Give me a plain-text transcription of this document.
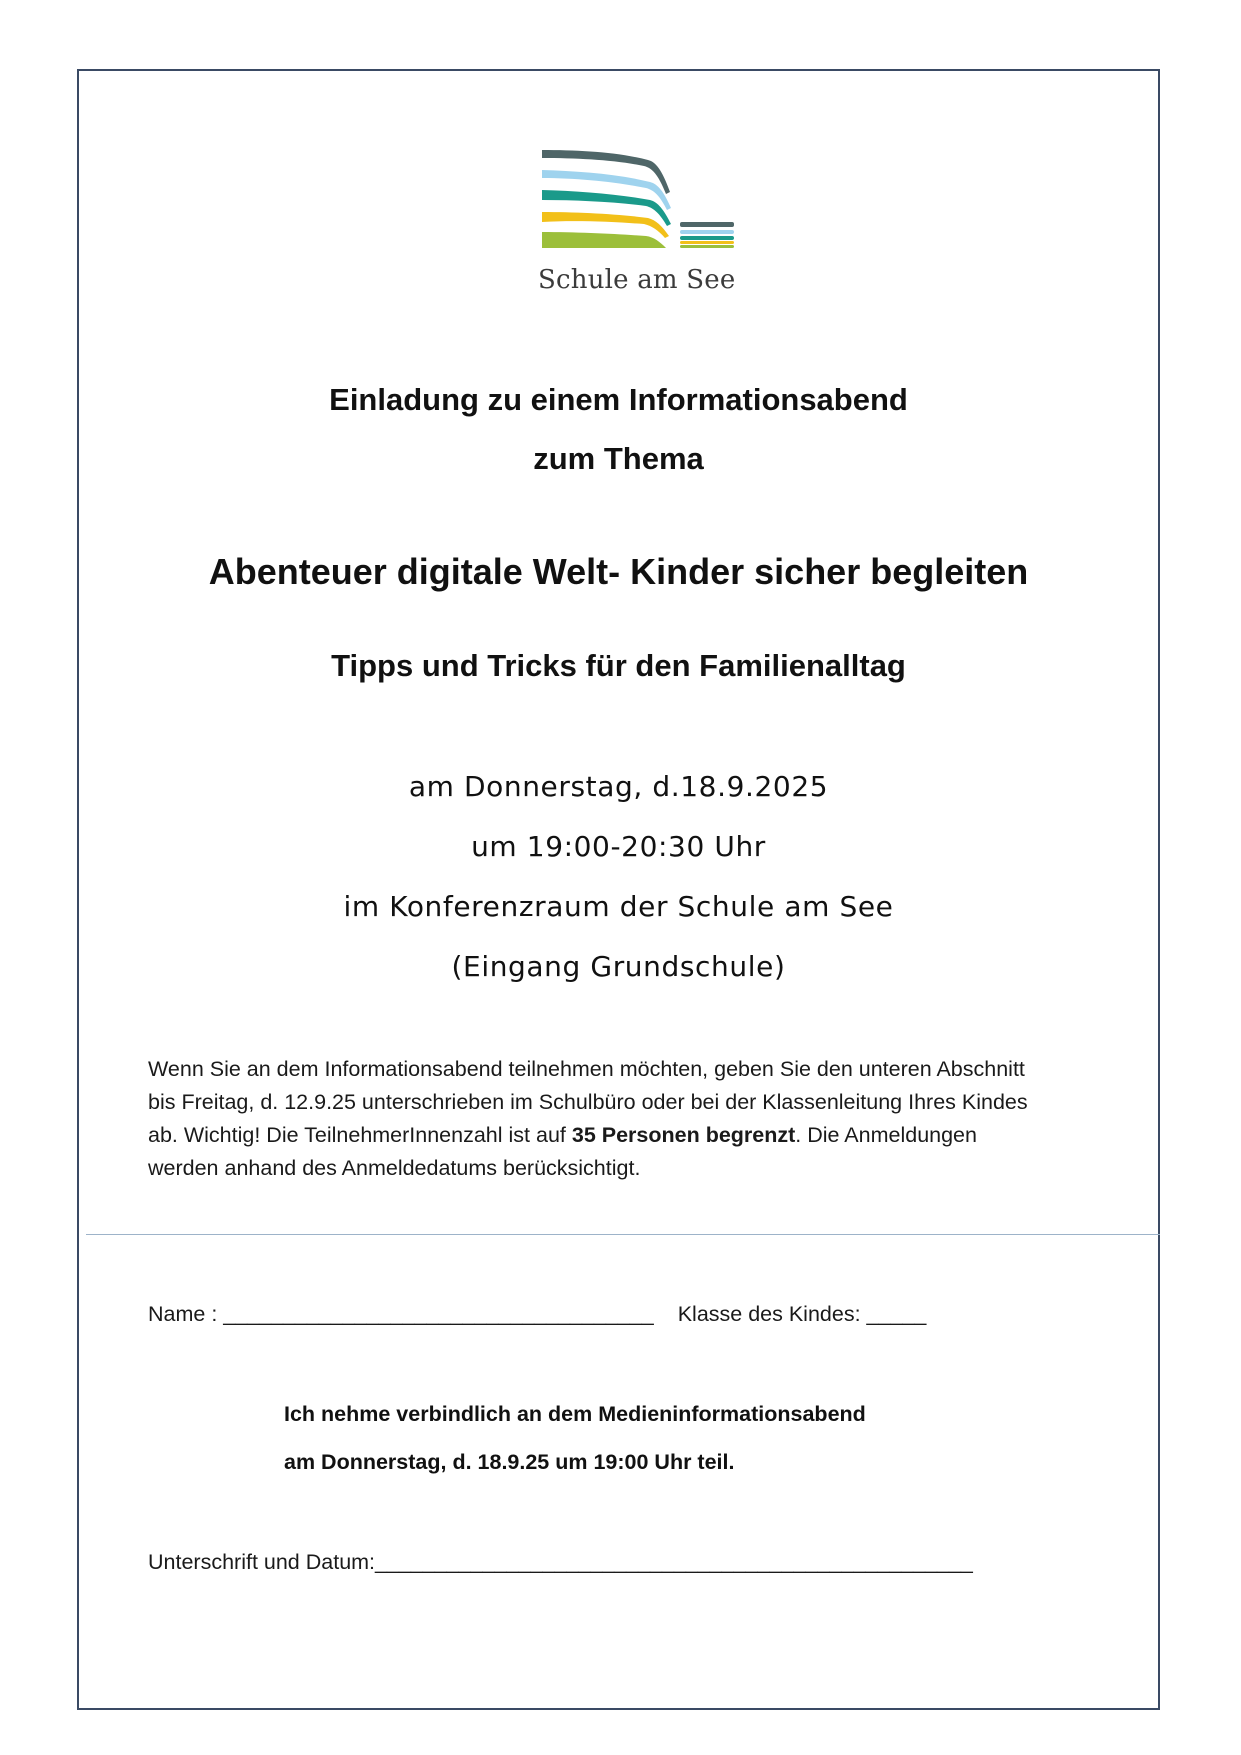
Schule am See
Einladung zu einem Informationsabend
zum Thema
Abenteuer digitale Welt- Kinder sicher begleiten
Tipps und Tricks für den Familienalltag
am Donnerstag, d.18.9.2025
um 19:00-20:30 Uhr
im Konferenzraum der Schule am See
(Eingang Grundschule)
Wenn Sie an dem Informationsabend teilnehmen möchten, geben Sie den unteren Abschnitt
bis Freitag, d. 12.9.25 unterschrieben im Schulbüro oder bei der Klassenleitung Ihres Kindes
ab. Wichtig! Die TeilnehmerInnenzahl ist auf 35 Personen begrenzt. Die Anmeldungen
werden anhand des Anmeldedatums berücksichtigt.
Name : ____________________________________ Klasse des Kindes: _____
Ich nehme verbindlich an dem Medieninformationsabend
am Donnerstag, d. 18.9.25 um 19:00 Uhr teil.
Unterschrift und Datum:__________________________________________________
